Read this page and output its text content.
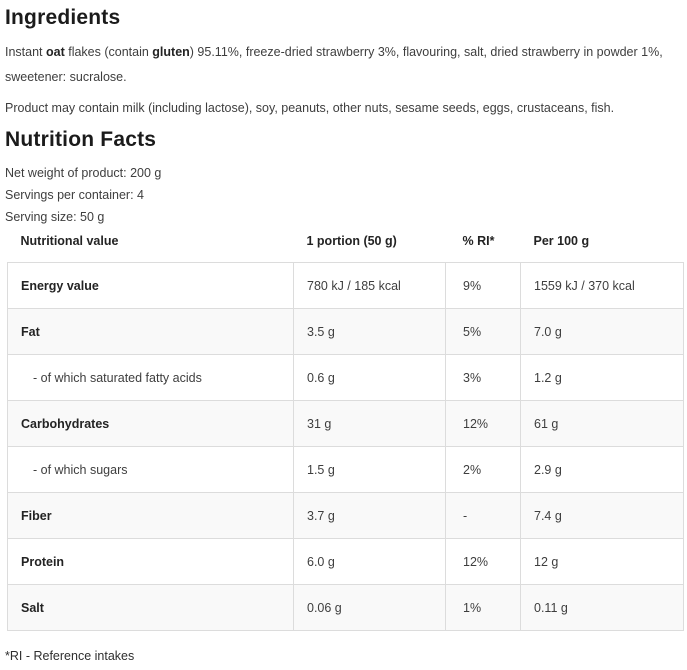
Ingredients

Instant oat flakes (contain gluten) 95.11%, freeze-dried strawberry 3%, flavouring, salt, dried strawberry in powder 1%, sweetener: sucralose.

Product may contain milk (including lactose), soy, peanuts, other nuts, sesame seeds, eggs, crustaceans, fish.

Nutrition Facts

Net weight of product: 200 g

Servings per container: 4

Serving size: 50 g

Nutritional value	1 portion (50 g)	% RI*	Per 100 g
Energy value	780 kJ / 185 kcal	9%	1559 kJ / 370 kcal
Fat	3.5 g	5%	7.0 g
- of which saturated fatty acids	0.6 g	3%	1.2 g
Carbohydrates	31 g	12%	61 g
- of which sugars	1.5 g	2%	2.9 g
Fiber	3.7 g	-	7.4 g
Protein	6.0 g	12%	12 g
Salt	0.06 g	1%	0.11 g

*RI - Reference intakes
